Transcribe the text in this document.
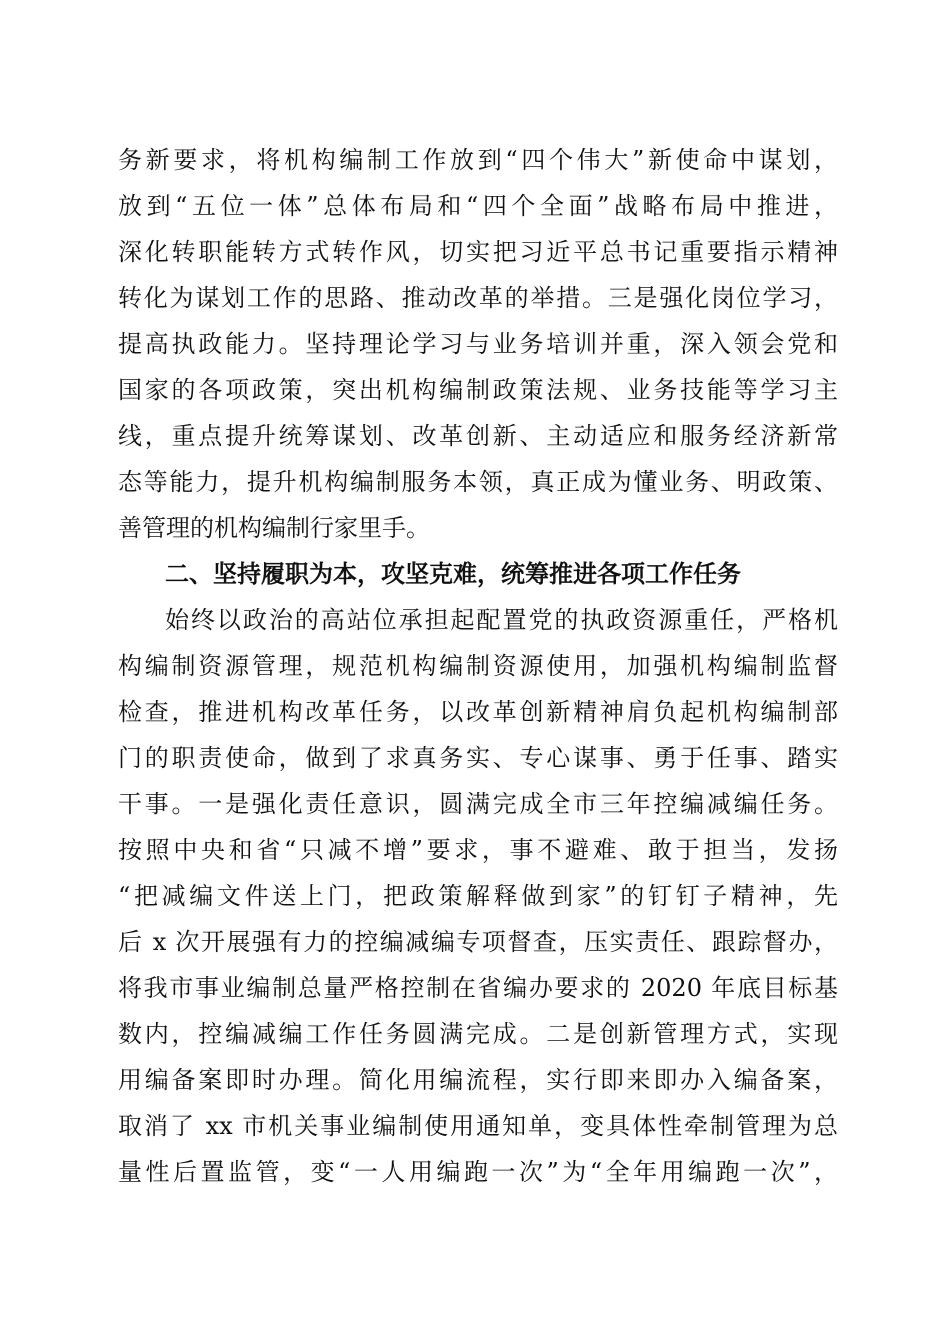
务新要求，将机构编制工作放到“四个伟大”新使命中谋划，
放到“五位一体”总体布局和“四个全面”战略布局中推进，
深化转职能转方式转作风，切实把习近平总书记重要指示精神
转化为谋划工作的思路、推动改革的举措。三是强化岗位学习，
提高执政能力。坚持理论学习与业务培训并重，深入领会党和
国家的各项政策，突出机构编制政策法规、业务技能等学习主
线，重点提升统筹谋划、改革创新、主动适应和服务经济新常
态等能力，提升机构编制服务本领，真正成为懂业务、明政策、
善管理的机构编制行家里手。
二、坚持履职为本，攻坚克难，统筹推进各项工作任务
始终以政治的高站位承担起配置党的执政资源重任，严格机
构编制资源管理，规范机构编制资源使用，加强机构编制监督
检查，推进机构改革任务，以改革创新精神肩负起机构编制部
门的职责使命，做到了求真务实、专心谋事、勇于任事、踏实
干事。一是强化责任意识，圆满完成全市三年控编减编任务。
按照中央和省“只减不增”要求，事不避难、敢于担当，发扬
“把减编文件送上门，把政策解释做到家”的钉钉子精神，先
后 x 次开展强有力的控编减编专项督查，压实责任、跟踪督办，
将我市事业编制总量严格控制在省编办要求的 2020 年底目标基
数内，控编减编工作任务圆满完成。二是创新管理方式，实现
用编备案即时办理。简化用编流程，实行即来即办入编备案，
取消了 xx 市机关事业编制使用通知单，变具体性牵制管理为总
量性后置监管，变“一人用编跑一次”为“全年用编跑一次”，
